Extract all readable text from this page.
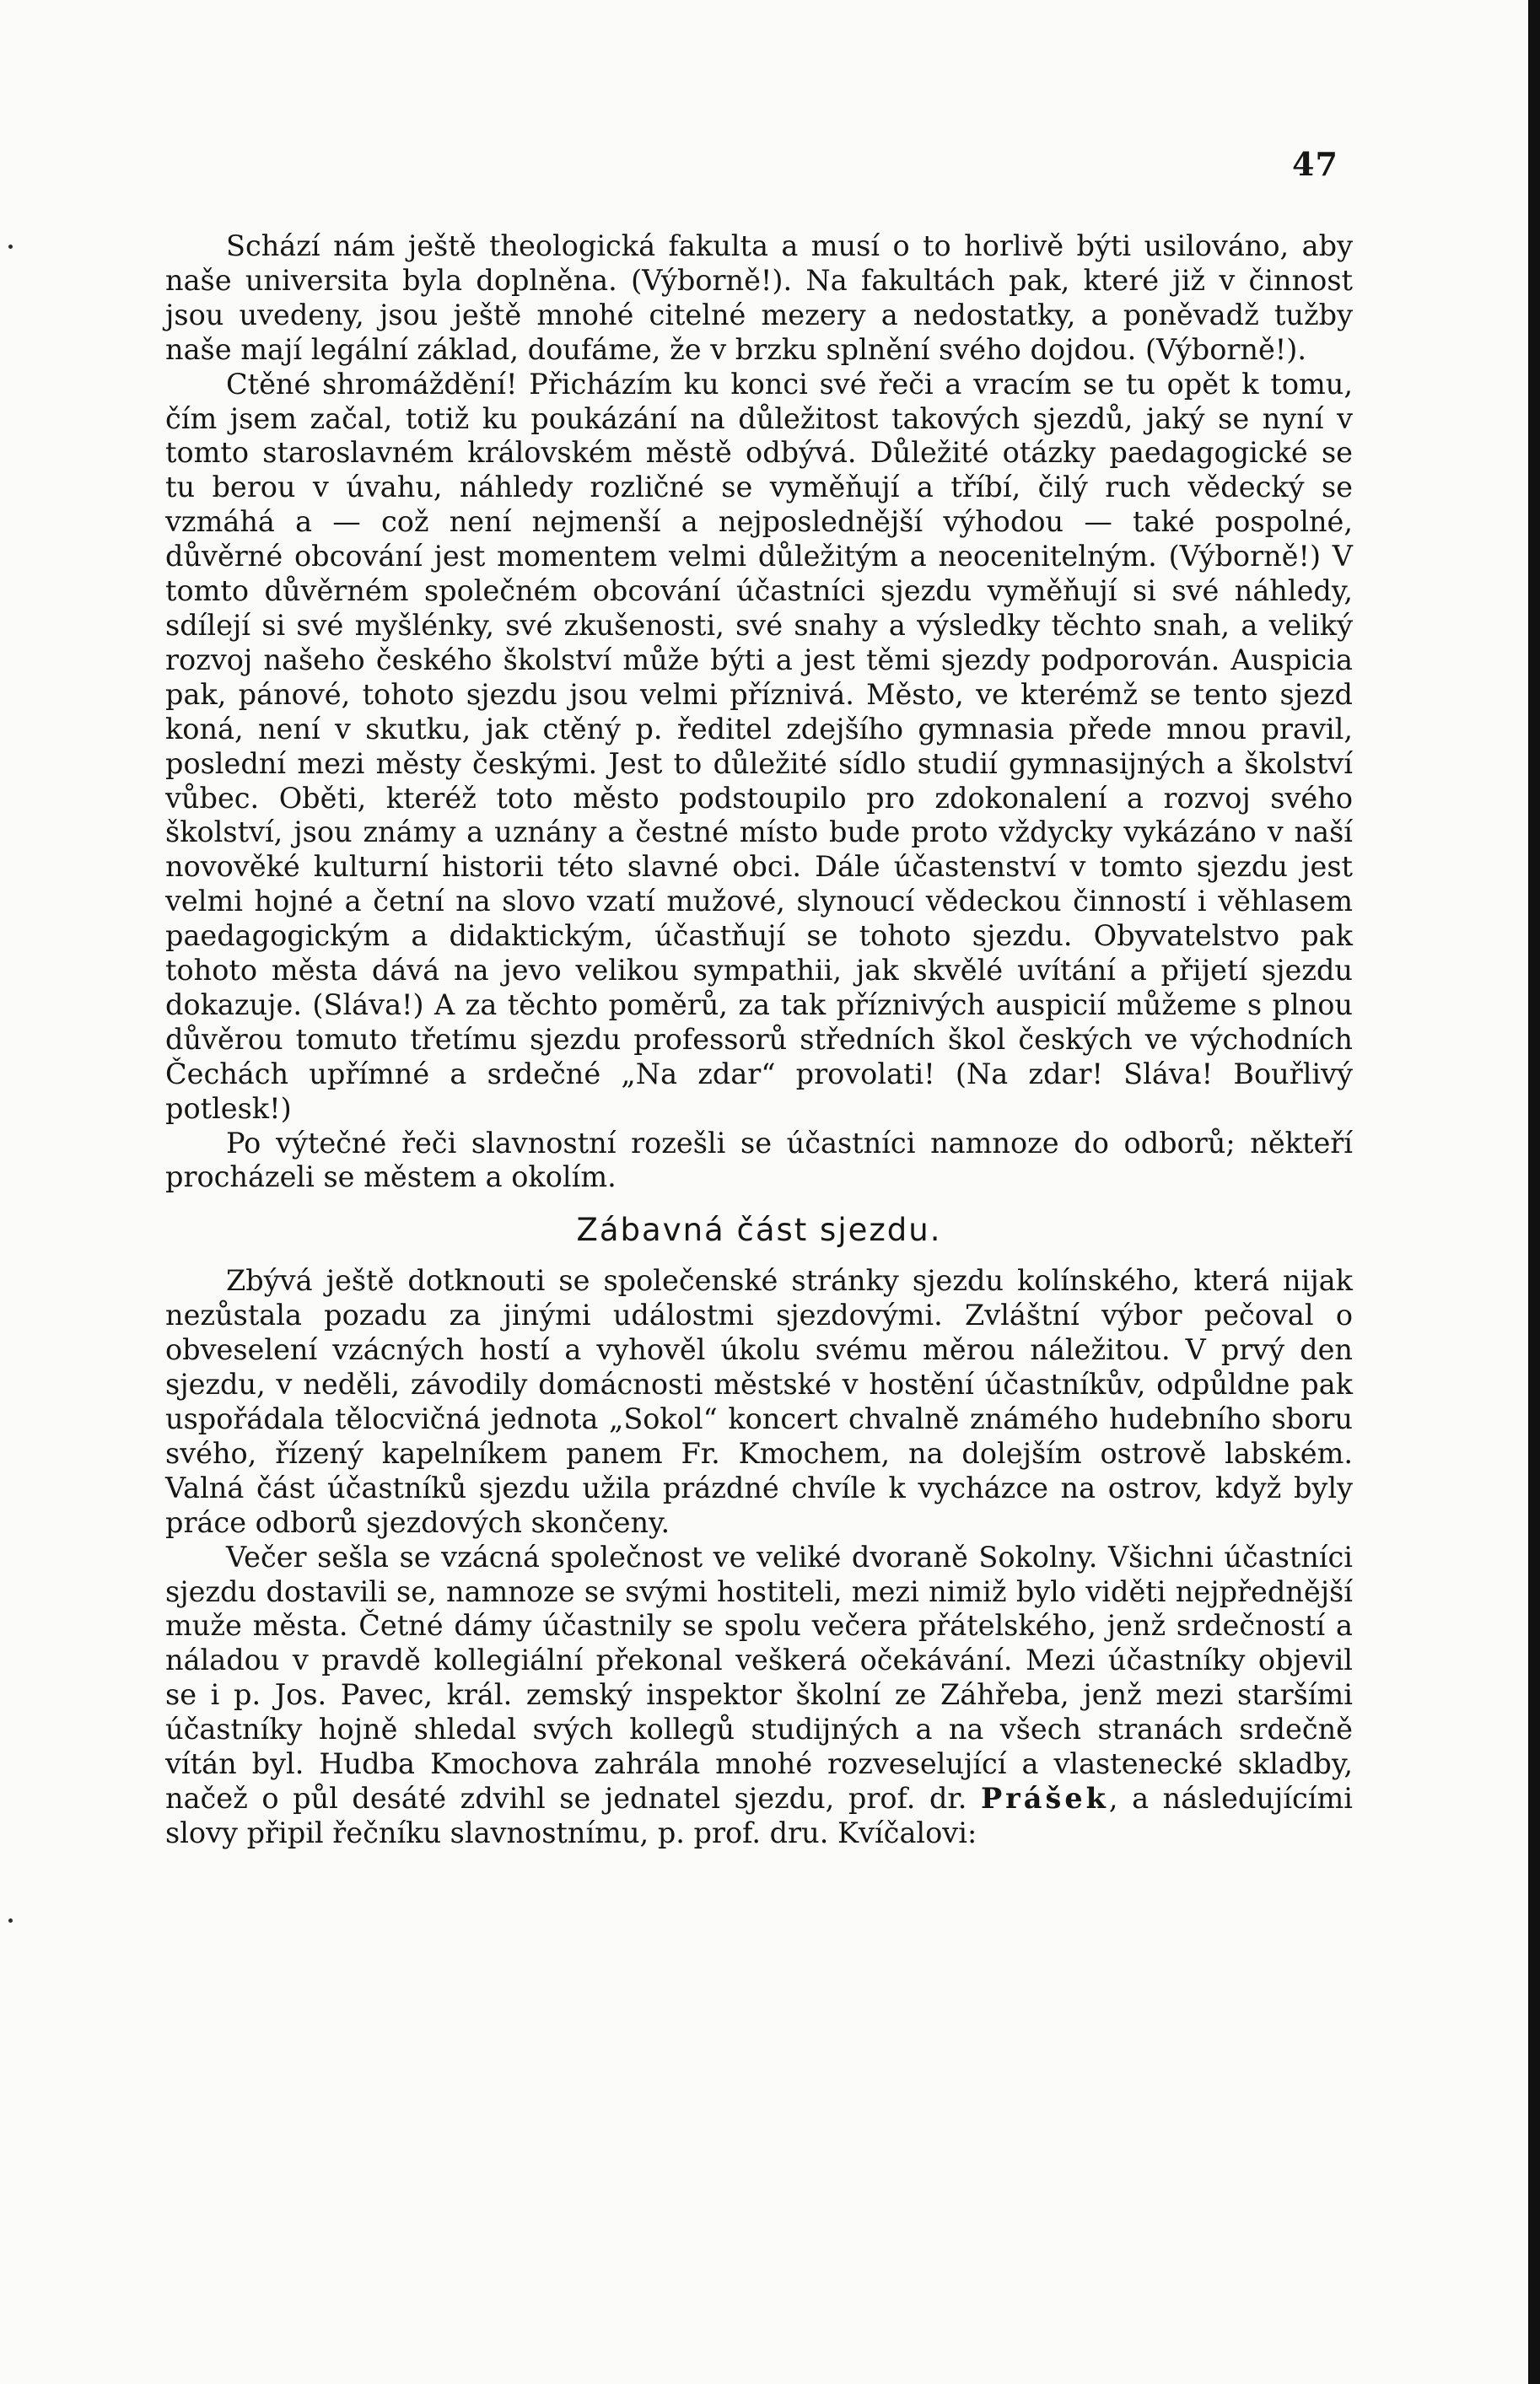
47

Schází nám ještě theologická fakulta a musí o to horlivě býti usilováno, aby naše universita byla doplněna. (Výborně!). Na fakultách pak, které již v činnost jsou uvedeny, jsou ještě mnohé citelné mezery a nedostatky, a poněvadž tužby naše mají legální základ, doufáme, že v brzku splnění svého dojdou. (Výborně!).

Ctěné shromáždění! Přicházím ku konci své řeči a vracím se tu opět k tomu, čím jsem začal, totiž ku poukázání na důležitost takových sjezdů, jaký se nyní v tomto staroslavném královském městě odbývá. Důležité otázky paedagogické se tu berou v úvahu, náhledy rozličné se vyměňují a tříbí, čilý ruch vědecký se vzmáhá a — což není nejmenší a nejposlednější výhodou — také pospolné, důvěrné obcování jest momentem velmi důležitým a neocenitelným. (Výborně!) V tomto důvěrném společném obcování účastníci sjezdu vyměňují si své náhledy, sdílejí si své myšlénky, své zkušenosti, své snahy a výsledky těchto snah, a veliký rozvoj našeho českého školství může býti a jest těmi sjezdy podporován. Auspicia pak, pánové, tohoto sjezdu jsou velmi příznivá. Město, ve kterémž se tento sjezd koná, není v skutku, jak ctěný p. ředitel zdejšího gymnasia přede mnou pravil, poslední mezi městy českými. Jest to důležité sídlo studií gymnasijných a školství vůbec. Oběti, kteréž toto město podstoupilo pro zdokonalení a rozvoj svého školství, jsou známy a uznány a čestné místo bude proto vždycky vykázáno v naší novověké kulturní historii této slavné obci. Dále účastenství v tomto sjezdu jest velmi hojné a četní na slovo vzatí mužové, slynoucí vědeckou činností i věhlasem paedagogickým a didaktickým, účastňují se tohoto sjezdu. Obyvatelstvo pak tohoto města dává na jevo velikou sympathii, jak skvělé uvítání a přijetí sjezdu dokazuje. (Sláva!) A za těchto poměrů, za tak příznivých auspicií můžeme s plnou důvěrou tomuto třetímu sjezdu professorů středních škol českých ve východních Čechách upřímné a srdečné „Na zdar“ provolati! (Na zdar! Sláva! Bouřlivý potlesk!)

Po výtečné řeči slavnostní rozešli se účastníci namnoze do odborů; někteří procházeli se městem a okolím.

Zábavná část sjezdu.

Zbývá ještě dotknouti se společenské stránky sjezdu kolínského, která nijak nezůstala pozadu za jinými událostmi sjezdovými. Zvláštní výbor pečoval o obveselení vzácných hostí a vyhověl úkolu svému měrou náležitou. V prvý den sjezdu, v neděli, závodily domácnosti městské v hostění účastníkův, odpůldne pak uspořádala tělocvičná jednota „Sokol“ koncert chvalně známého hudebního sboru svého, řízený kapelníkem panem Fr. Kmochem, na dolejším ostrově labském. Valná část účastníků sjezdu užila prázdné chvíle k vycházce na ostrov, když byly práce odborů sjezdových skončeny.

Večer sešla se vzácná společnost ve veliké dvoraně Sokolny. Všichni účastníci sjezdu dostavili se, namnoze se svými hostiteli, mezi nimiž bylo viděti nejpřednější muže města. Četné dámy účastnily se spolu večera přátelského, jenž srdečností a náladou v pravdě kollegiální překonal veškerá očekávání. Mezi účastníky objevil se i p. Jos. Pavec, král. zemský inspektor školní ze Záhřeba, jenž mezi staršími účastníky hojně shledal svých kollegů studijných a na všech stranách srdečně vítán byl. Hudba Kmochova zahrála mnohé rozveselující a vlastenecké skladby, načež o půl desáté zdvihl se jednatel sjezdu, prof. dr. Prášek, a následujícími slovy připil řečníku slavnostnímu, p. prof. dru. Kvíčalovi:
